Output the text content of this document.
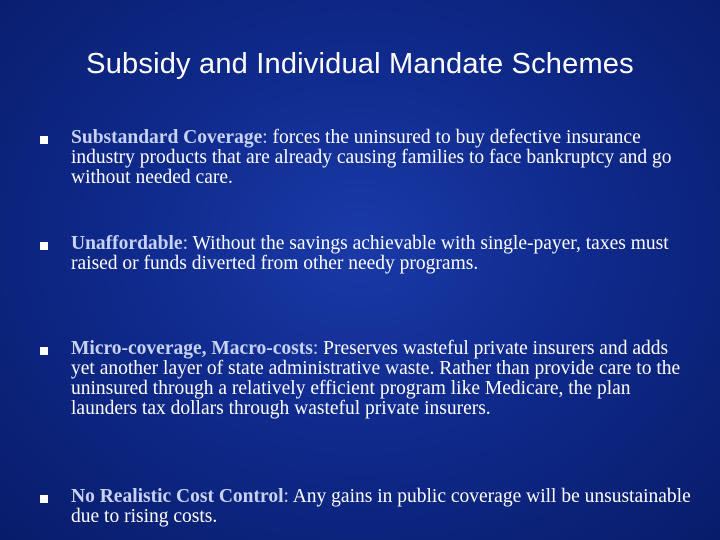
Subsidy and Individual Mandate Schemes
Substandard Coverage: forces the uninsured to buy defective insurance industry products that are already causing families to face bankruptcy and go without needed care.
Unaffordable: Without the savings achievable with single-payer, taxes must raised or funds diverted from other needy programs.
Micro-coverage, Macro-costs: Preserves wasteful private insurers and adds yet another layer of state administrative waste. Rather than provide care to the uninsured through a relatively efficient program like Medicare, the plan launders tax dollars through wasteful private insurers.
No Realistic Cost Control: Any gains in public coverage will be unsustainable due to rising costs.
